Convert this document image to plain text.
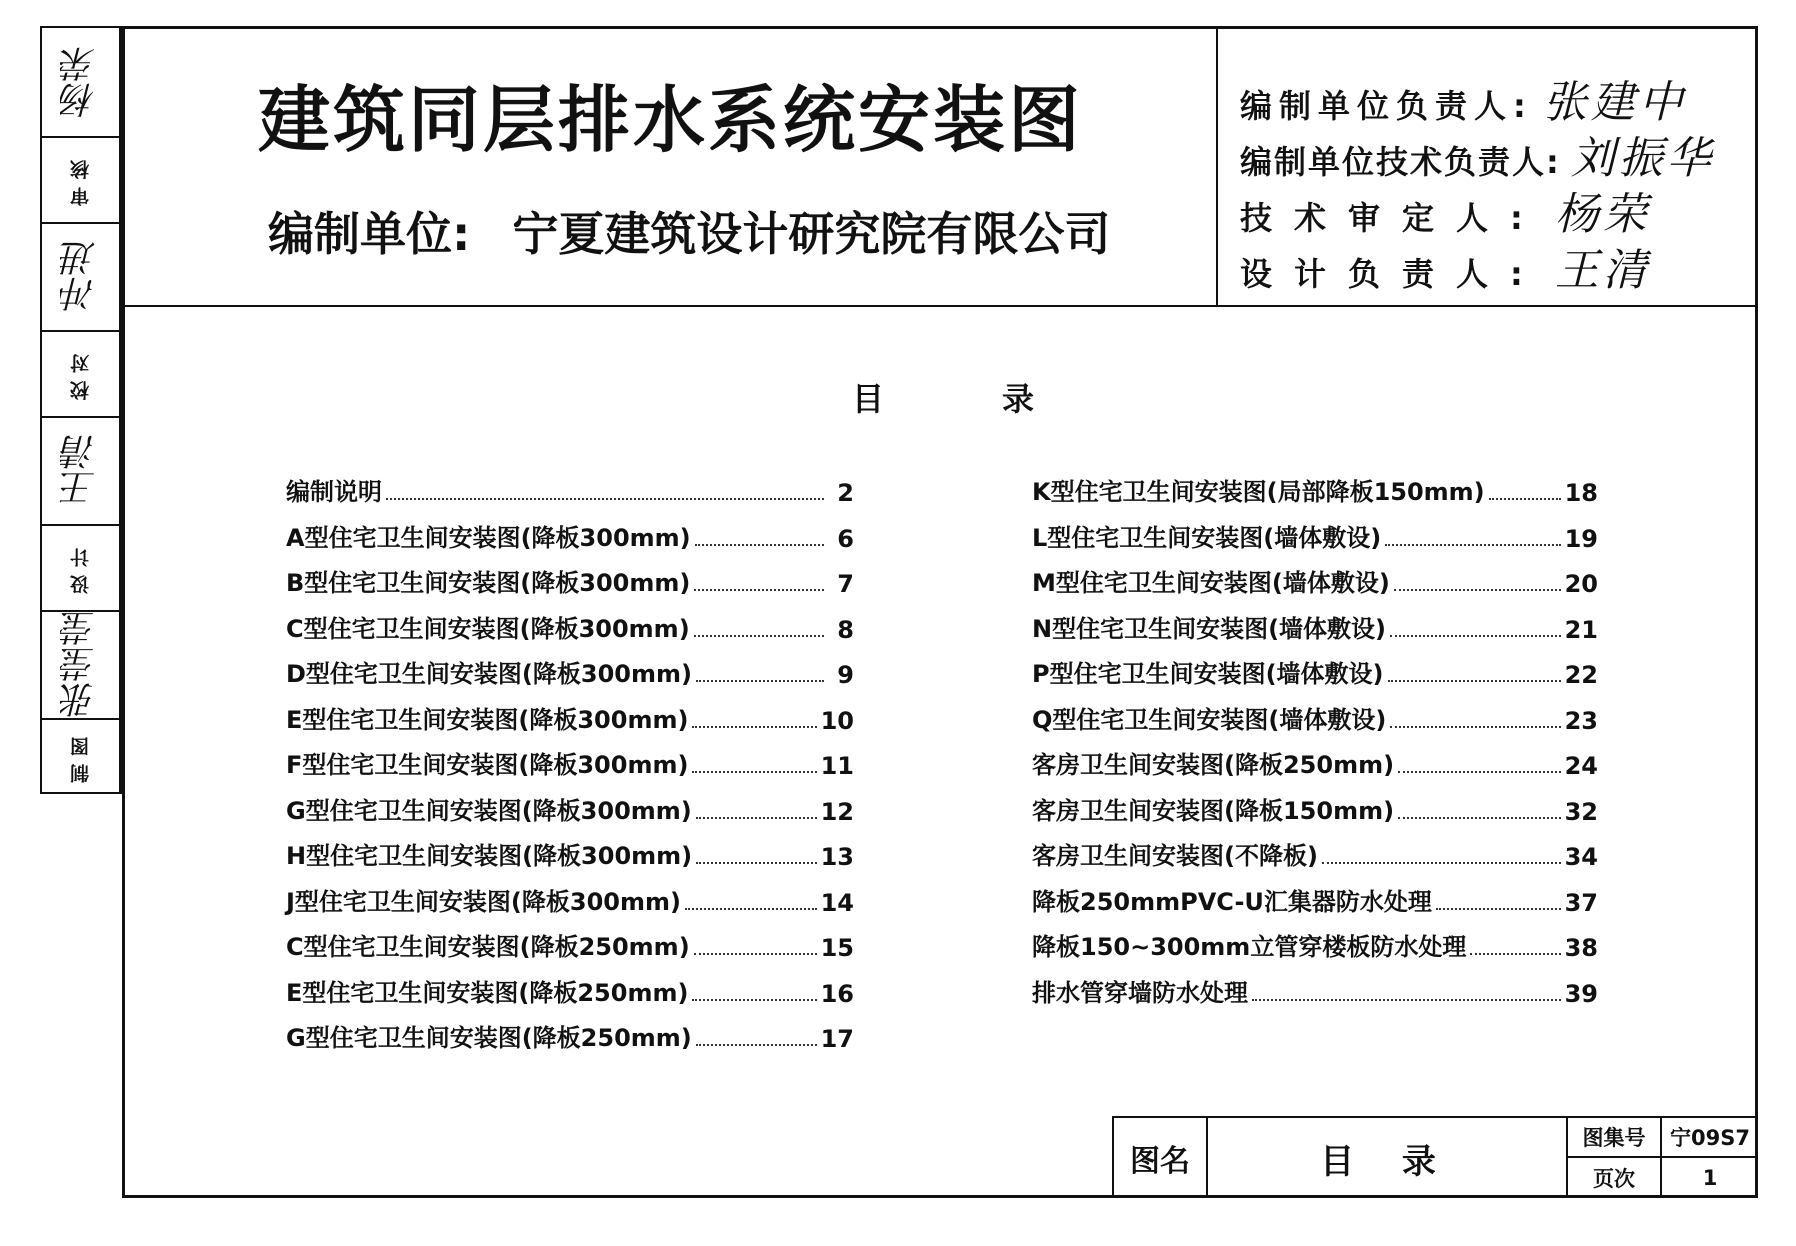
建筑同层排水系统安装图
编制单位: 宁夏建筑设计研究院有限公司
编制单位负责人: 张建中
编制单位技术负责人: 刘振华
技术审定人: 杨荣
设计负责人: 王清
杨荣
审核
冲进
校对
王清
设计
张莹莹
制图
目	录
编制说明	2
A型住宅卫生间安装图(降板300mm)	6
B型住宅卫生间安装图(降板300mm)	7
C型住宅卫生间安装图(降板300mm)	8
D型住宅卫生间安装图(降板300mm)	9
E型住宅卫生间安装图(降板300mm)	10
F型住宅卫生间安装图(降板300mm)	11
G型住宅卫生间安装图(降板300mm)	12
H型住宅卫生间安装图(降板300mm)	13
J型住宅卫生间安装图(降板300mm)	14
C型住宅卫生间安装图(降板250mm)	15
E型住宅卫生间安装图(降板250mm)	16
G型住宅卫生间安装图(降板250mm)	17
K型住宅卫生间安装图(局部降板150mm)	18
L型住宅卫生间安装图(墙体敷设)	19
M型住宅卫生间安装图(墙体敷设)	20
N型住宅卫生间安装图(墙体敷设)	21
P型住宅卫生间安装图(墙体敷设)	22
Q型住宅卫生间安装图(墙体敷设)	23
客房卫生间安装图(降板250mm)	24
客房卫生间安装图(降板150mm)	32
客房卫生间安装图(不降板)	34
降板250mmPVC-U汇集器防水处理	37
降板150~300mm立管穿楼板防水处理	38
排水管穿墙防水处理	39
图名	目 录
图集号	宁09S7
页次	1
